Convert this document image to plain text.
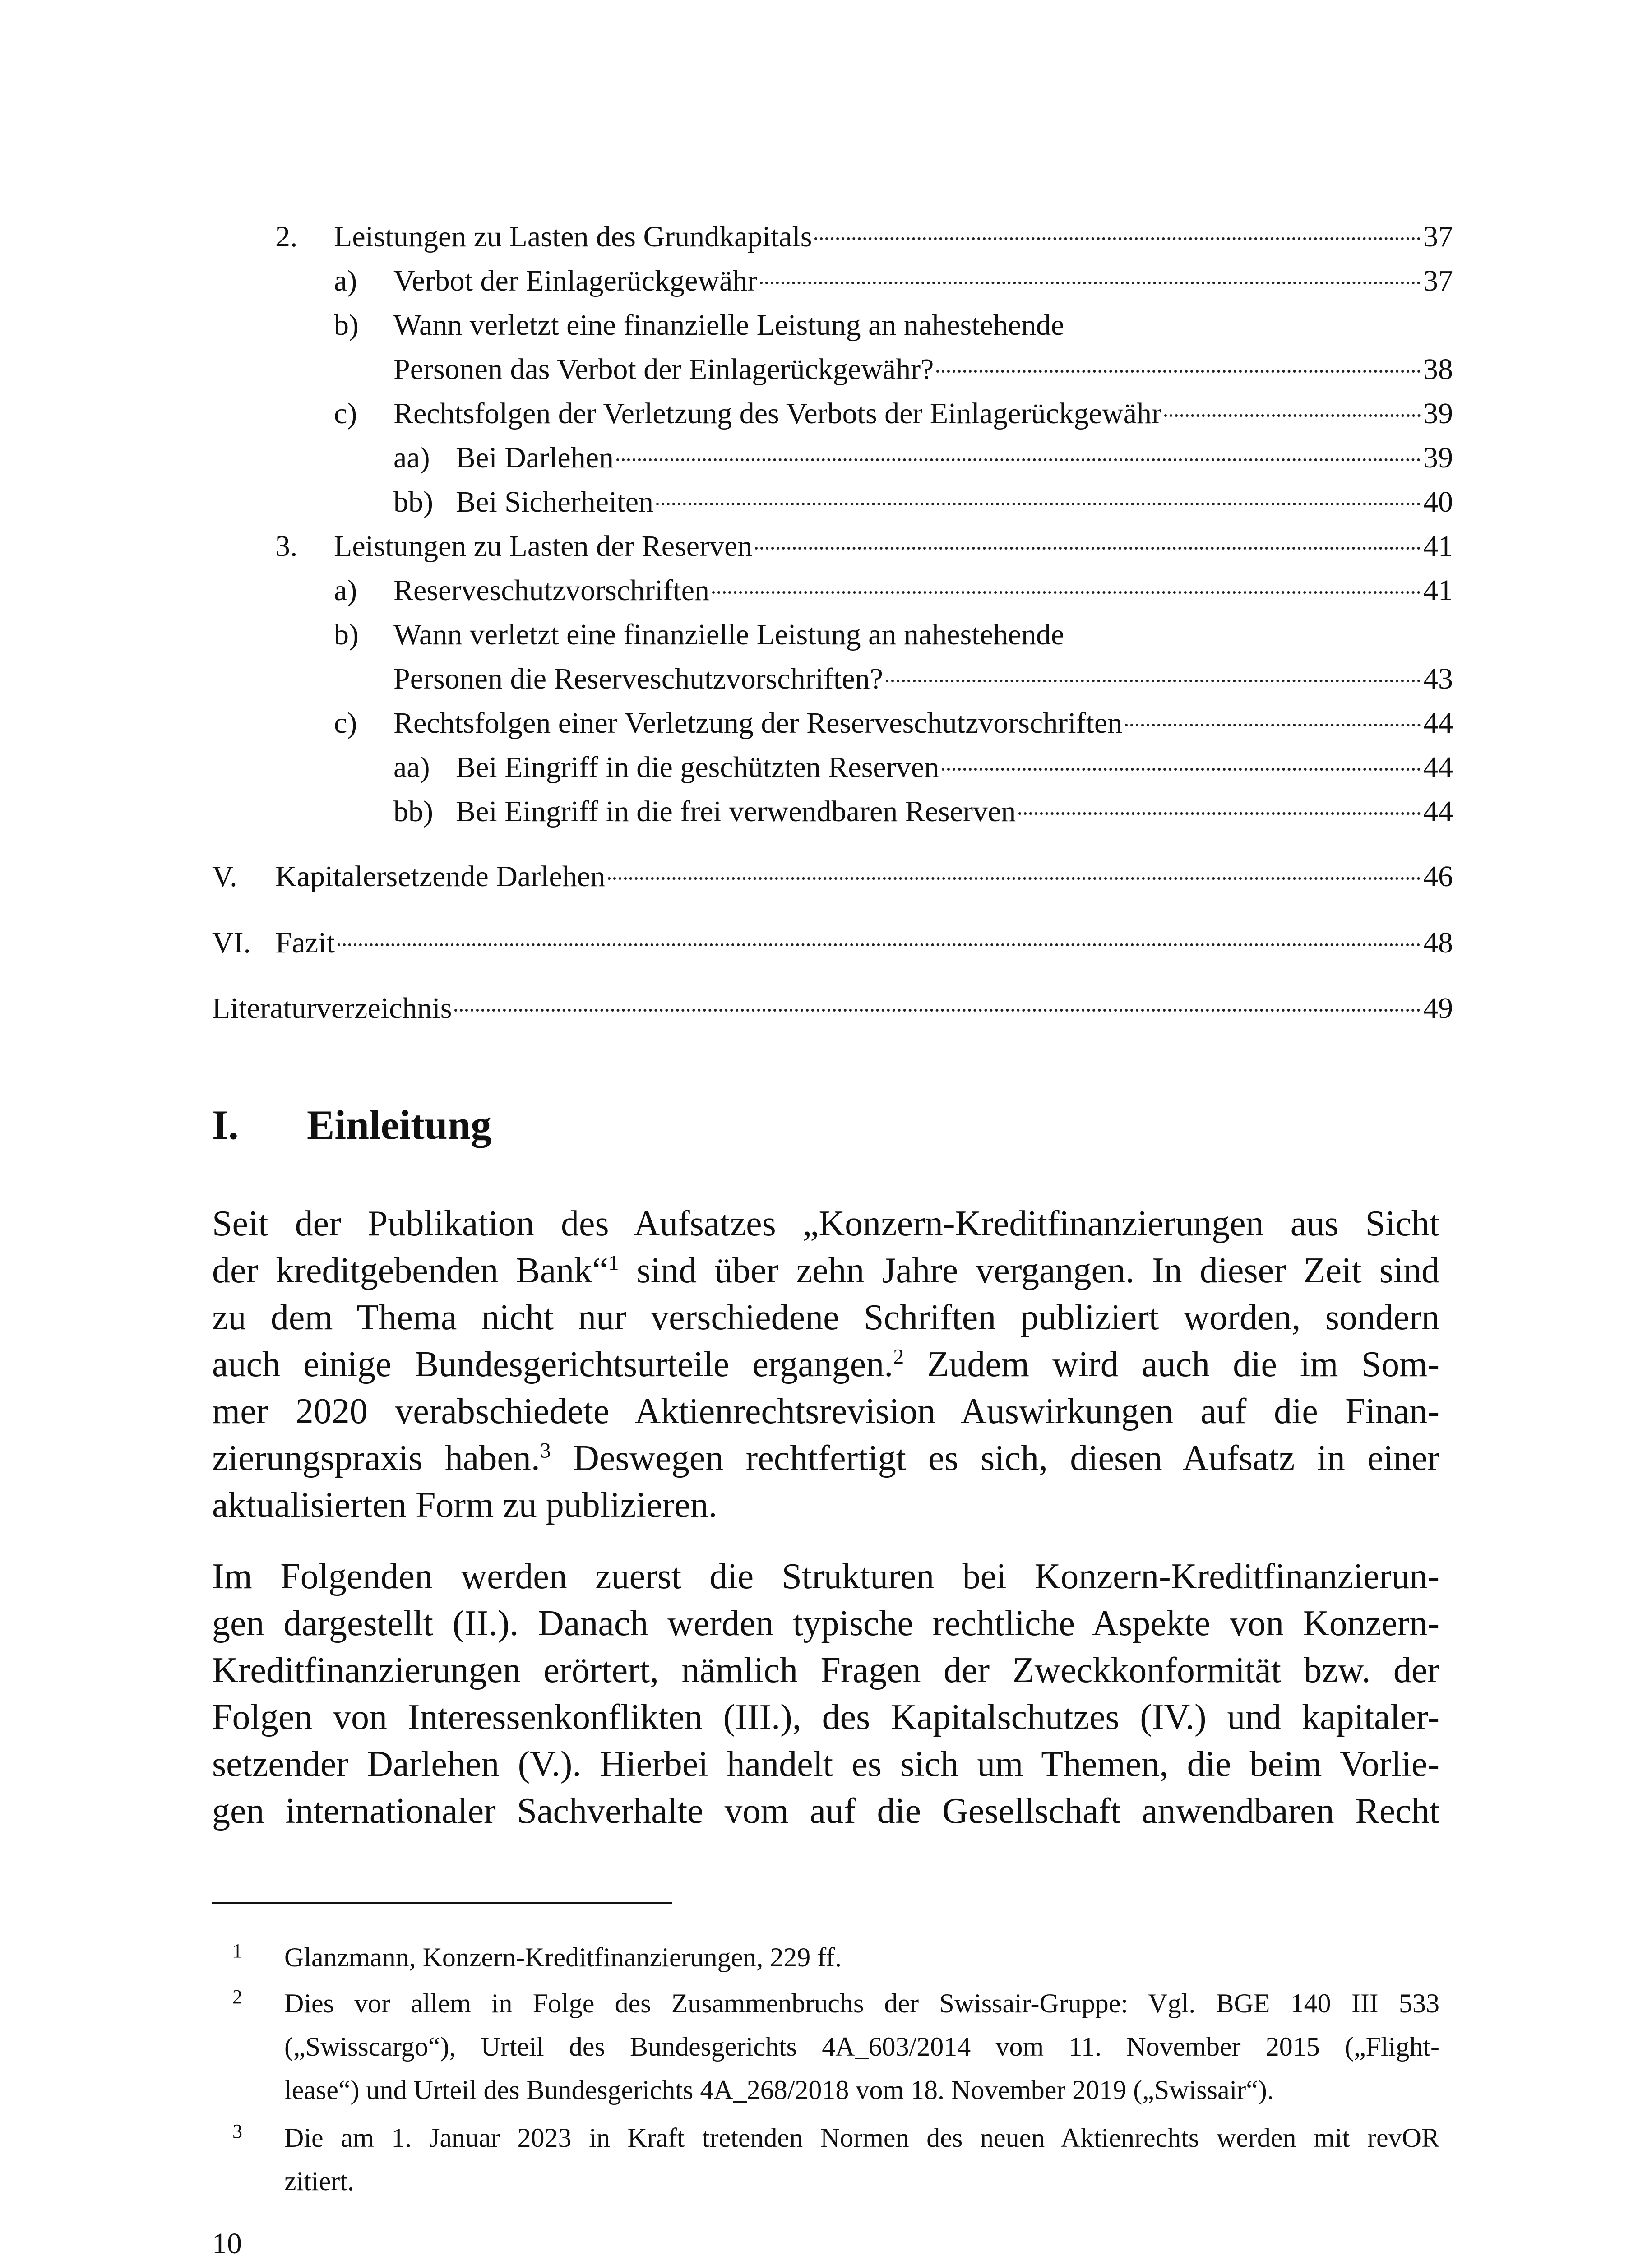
2. Leistungen zu Lasten des Grundkapitals	37
a) Verbot der Einlagerückgewähr	37
b) Wann verletzt eine finanzielle Leistung an nahestehende
Personen das Verbot der Einlagerückgewähr?	38
c) Rechtsfolgen der Verletzung des Verbots der Einlagerückgewähr	39
aa) Bei Darlehen	39
bb) Bei Sicherheiten	40
3. Leistungen zu Lasten der Reserven	41
a) Reserveschutzvorschriften	41
b) Wann verletzt eine finanzielle Leistung an nahestehende
Personen die Reserveschutzvorschriften?	43
c) Rechtsfolgen einer Verletzung der Reserveschutzvorschriften	44
aa) Bei Eingriff in die geschützten Reserven	44
bb) Bei Eingriff in die frei verwendbaren Reserven	44
V. Kapitalersetzende Darlehen	46
VI. Fazit	48
Literaturverzeichnis	49
I. Einleitung
Seit der Publikation des Aufsatzes „Konzern-Kreditfinanzierungen aus Sicht
der kreditgebenden Bank“$^1$ sind über zehn Jahre vergangen. In dieser Zeit sind
zu dem Thema nicht nur verschiedene Schriften publiziert worden, sondern
auch einige Bundesgerichtsurteile ergangen.$^2$ Zudem wird auch die im Som-
mer 2020 verabschiedete Aktienrechtsrevision Auswirkungen auf die Finan-
zierungspraxis haben.$^3$ Deswegen rechtfertigt es sich, diesen Aufsatz in einer
aktualisierten Form zu publizieren.
Im Folgenden werden zuerst die Strukturen bei Konzern-Kreditfinanzierun-
gen dargestellt (II.). Danach werden typische rechtliche Aspekte von Konzern-
Kreditfinanzierungen erörtert, nämlich Fragen der Zweckkonformität bzw. der
Folgen von Interessenkonflikten (III.), des Kapitalschutzes (IV.) und kapitaler-
setzender Darlehen (V.). Hierbei handelt es sich um Themen, die beim Vorlie-
gen internationaler Sachverhalte vom auf die Gesellschaft anwendbaren Recht
1 Glanzmann, Konzern-Kreditfinanzierungen, 229 ff.
2 Dies vor allem in Folge des Zusammenbruchs der Swissair-Gruppe: Vgl. BGE 140 III 533
(„Swisscargo“), Urteil des Bundesgerichts 4A_603/2014 vom 11. November 2015 („Flight-
lease“) und Urteil des Bundesgerichts 4A_268/2018 vom 18. November 2019 („Swissair“).
3 Die am 1. Januar 2023 in Kraft tretenden Normen des neuen Aktienrechts werden mit revOR
zitiert.
10
